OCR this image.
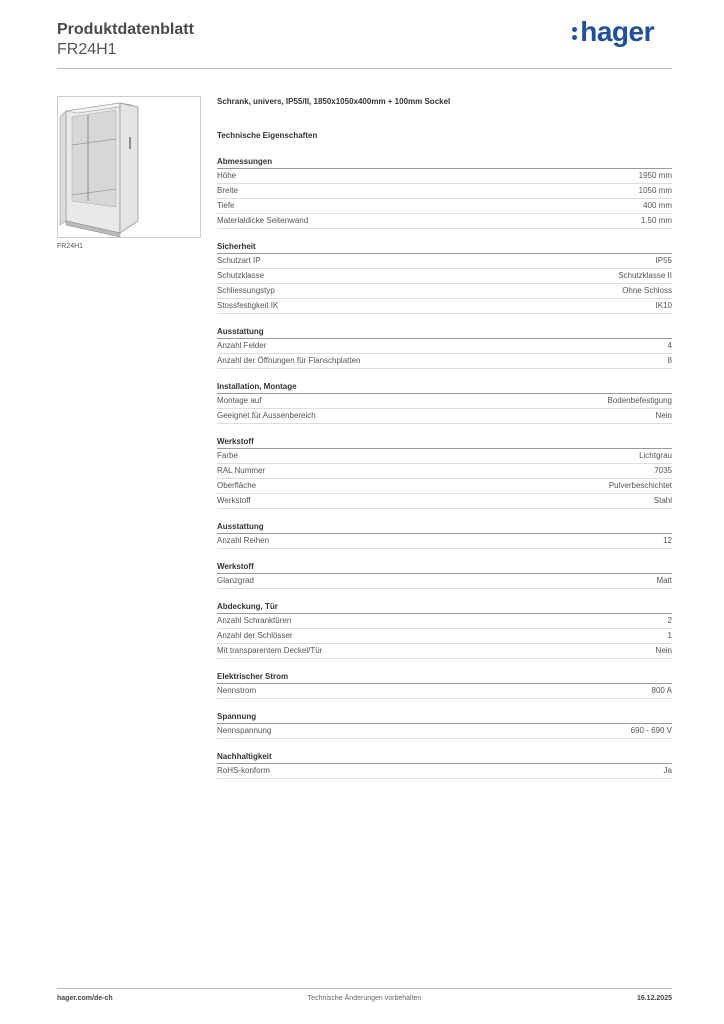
Produktdatenblatt
FR24H1
hager
FR24H1
Schrank, univers, IP55/II, 1850x1050x400mm + 100mm Sockel
Technische Eigenschaften
Abmessungen
Höhe	1950 mm
Breite	1050 mm
Tiefe	400 mm
Materialdicke Seitenwand	1.50 mm
Sicherheit
Schutzart IP	IP55
Schutzklasse	Schutzklasse II
Schliessungstyp	Ohne Schloss
Stossfestigkeit IK	IK10
Ausstattung
Anzahl Felder	4
Anzahl der Öffnungen für Flanschplatten	8
Installation, Montage
Montage auf	Bodenbefestigung
Geeignet für Aussenbereich	Nein
Werkstoff
Farbe	Lichtgrau
RAL Nummer	7035
Oberfläche	Pulverbeschichtet
Werkstoff	Stahl
Ausstattung
Anzahl Reihen	12
Werkstoff
Glanzgrad	Matt
Abdeckung, Tür
Anzahl Schranktüren	2
Anzahl der Schlösser	1
Mit transparentem Deckel/Tür	Nein
Elektrischer Strom
Nennstrom	800 A
Spannung
Nennspannung	690 - 690 V
Nachhaltigkeit
RoHS-konform	Ja
hager.com/de-ch	Technische Änderungen vorbehalten	16.12.2025
